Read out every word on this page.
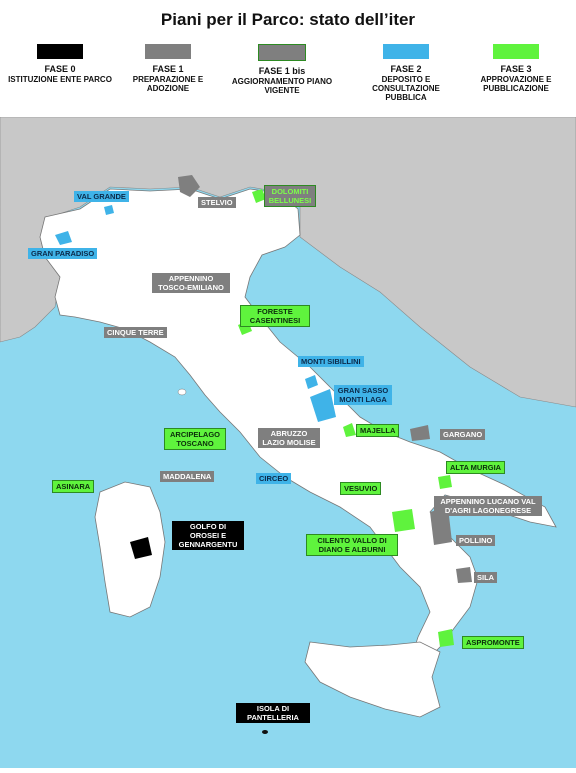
Piani per il Parco: stato dell’iter
FASE 0
ISTITUZIONE ENTE PARCO
FASE 1
PREPARAZIONE E ADOZIONE
FASE 1 bis
AGGIORNAMENTO PIANO VIGENTE
FASE 2
DEPOSITO E CONSULTAZIONE PUBBLICA
FASE 3
APPROVAZIONE E PUBBLICAZIONE
VAL GRANDE
STELVIO
DOLOMITI BELLUNESI
GRAN PARADISO
APPENNINO TOSCO-EMILIANO
FORESTE CASENTINESI
CINQUE TERRE
MONTI SIBILLINI
GRAN SASSO MONTI LAGA
ARCIPELAGO TOSCANO
ABRUZZO LAZIO MOLISE
MAJELLA	GARGANO
ASINARA
MADDALENA	CIRCEO
VESUVIO
ALTA MURGIA
APPENNINO LUCANO VAL D'AGRI LAGONEGRESE
GOLFO DI OROSEI E GENNARGENTU	CILENTO VALLO DI DIANO E ALBURNI
POLLINO
SILA
ASPROMONTE
ISOLA DI PANTELLERIA
